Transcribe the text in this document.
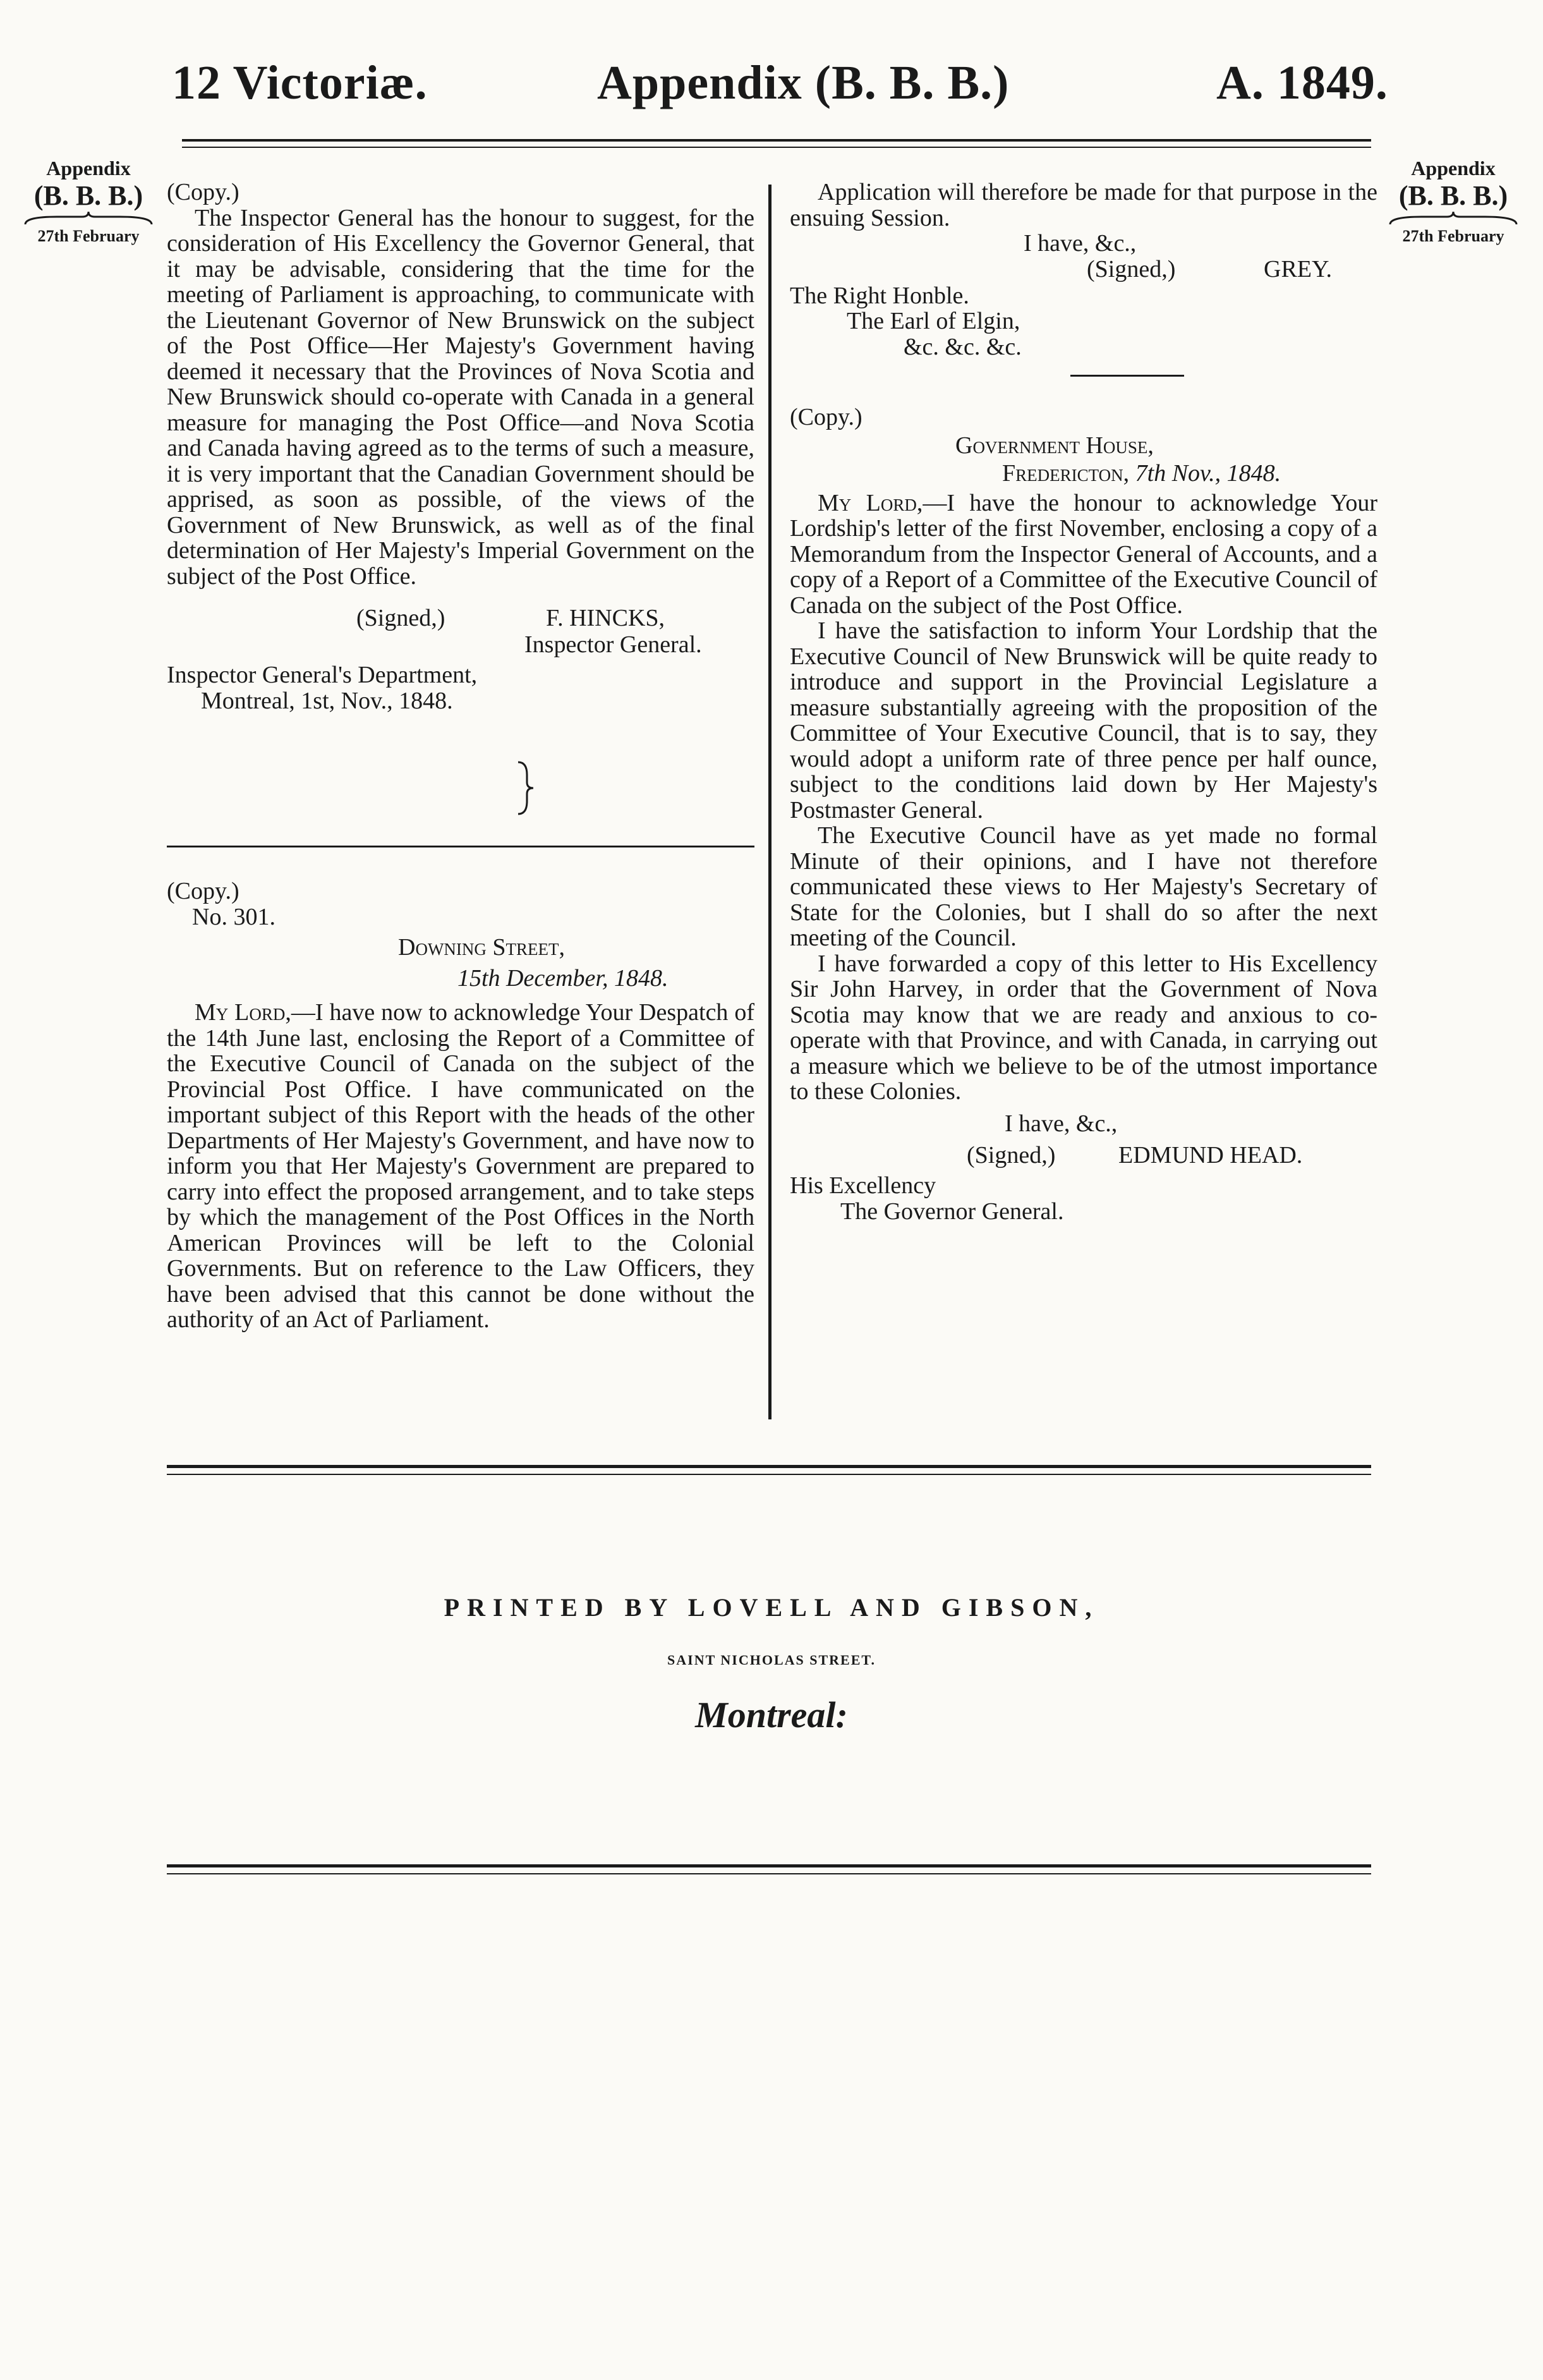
12 Victoriæ.	Appendix (B. B. B.)	A. 1849.
Appendix
(B. B. B.)
27th February
Appendix
(B. B. B.)
27th February
(Copy.)

The Inspector General has the honour to suggest, for the consideration of His Excellency the Governor General, that it may be advisable, considering that the time for the meeting of Parliament is approaching, to communicate with the Lieutenant Governor of New Brunswick on the subject of the Post Office—Her Majesty's Government having deemed it necessary that the Provinces of Nova Scotia and New Brunswick should co-operate with Canada in a general measure for managing the Post Office—and Nova Scotia and Canada having agreed as to the terms of such a measure, it is very important that the Canadian Government should be apprised, as soon as possible, of the views of the Government of New Brunswick, as well as of the final determination of Her Majesty's Imperial Government on the subject of the Post Office.

(Signed,)	F. HINCKS,
Inspector General.
Inspector General's Department,
Montreal, 1st, Nov., 1848.
(Copy.)
No. 301.
Downing Street,
15th December, 1848.

My Lord,—I have now to acknowledge Your Despatch of the 14th June last, enclosing the Report of a Committee of the Executive Council of Canada on the subject of the Provincial Post Office. I have communicated on the important subject of this Report with the heads of the other Departments of Her Majesty's Government, and have now to inform you that Her Majesty's Government are prepared to carry into effect the proposed arrangement, and to take steps by which the management of the Post Offices in the North American Provinces will be left to the Colonial Governments. But on reference to the Law Officers, they have been advised that this cannot be done without the authority of an Act of Parliament.

Application will therefore be made for that purpose in the ensuing Session.

I have, &c.,
(Signed,)	GREY.
The Right Honble.
The Earl of Elgin,
&c. &c. &c.
(Copy.)
Government House,
Fredericton, 7th Nov., 1848.

My Lord,—I have the honour to acknowledge Your Lordship's letter of the first November, enclosing a copy of a Memorandum from the Inspector General of Accounts, and a copy of a Report of a Committee of the Executive Council of Canada on the subject of the Post Office.

I have the satisfaction to inform Your Lordship that the Executive Council of New Brunswick will be quite ready to introduce and support in the Provincial Legislature a measure substantially agreeing with the proposition of the Committee of Your Executive Council, that is to say, they would adopt a uniform rate of three pence per half ounce, subject to the conditions laid down by Her Majesty's Postmaster General.

The Executive Council have as yet made no formal Minute of their opinions, and I have not therefore communicated these views to Her Majesty's Secretary of State for the Colonies, but I shall do so after the next meeting of the Council.

I have forwarded a copy of this letter to His Excellency Sir John Harvey, in order that the Government of Nova Scotia may know that we are ready and anxious to co-operate with that Province, and with Canada, in carrying out a measure which we believe to be of the utmost importance to these Colonies.

I have, &c.,
(Signed,)	EDMUND HEAD.
His Excellency
The Governor General.
PRINTED BY LOVELL AND GIBSON,
SAINT NICHOLAS STREET.
Montreal:
